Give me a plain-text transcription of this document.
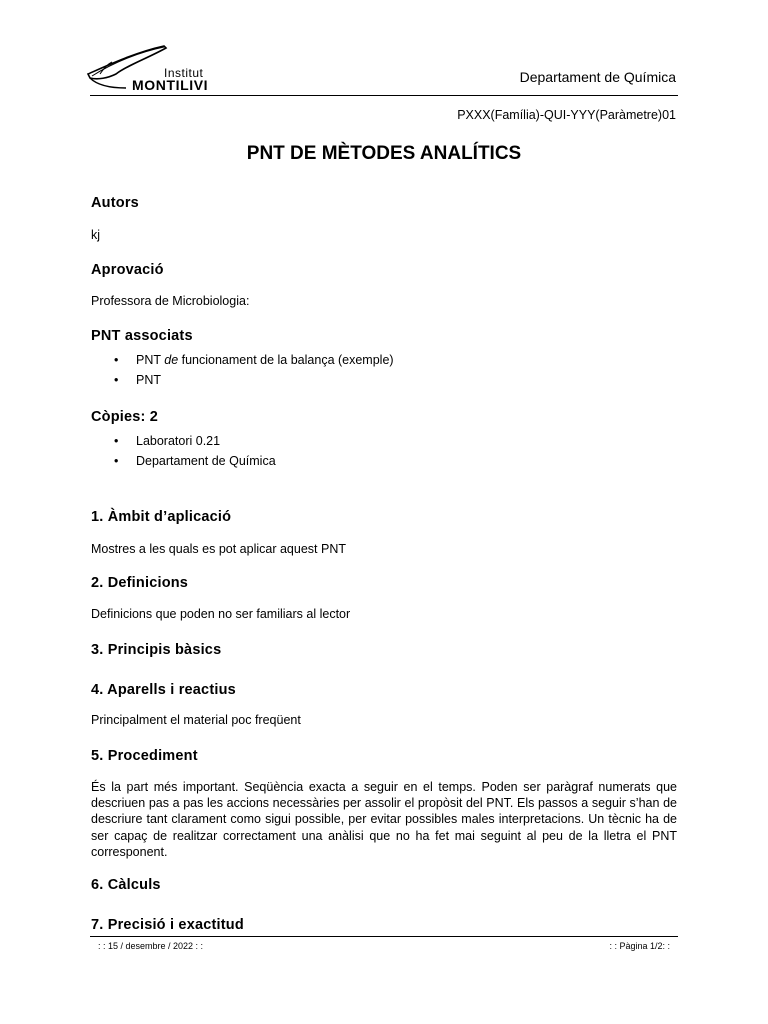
Institut
MONTILIVI	Departament de Química
PXXX(Família)-QUI-YYY(Paràmetre)01
PNT DE MÈTODES ANALÍTICS
Autors
kj
Aprovació
Professora de Microbiologia:
PNT associats
• PNT de funcionament de la balança (exemple)
• PNT
Còpies: 2
• Laboratori 0.21
• Departament de Química
1. Àmbit d’aplicació
Mostres a les quals es pot aplicar aquest PNT
2. Definicions
Definicions que poden no ser familiars al lector
3. Principis bàsics
4. Aparells i reactius
Principalment el material poc freqüent
5. Procediment
És la part més important. Seqüència exacta a seguir en el temps. Poden ser paràgraf numerats que descriuen pas a pas les accions necessàries per assolir el propòsit del PNT. Els passos a seguir s’han de descriure tant clarament como sigui possible, per evitar possibles males interpretacions. Un tècnic ha de ser capaç de realitzar correctament una anàlisi que no ha fet mai seguint al peu de la lletra el PNT corresponent.
6. Càlculs
7. Precisió i exactitud
: : 15 / desembre / 2022 : :	: : Pàgina 1/2: :
